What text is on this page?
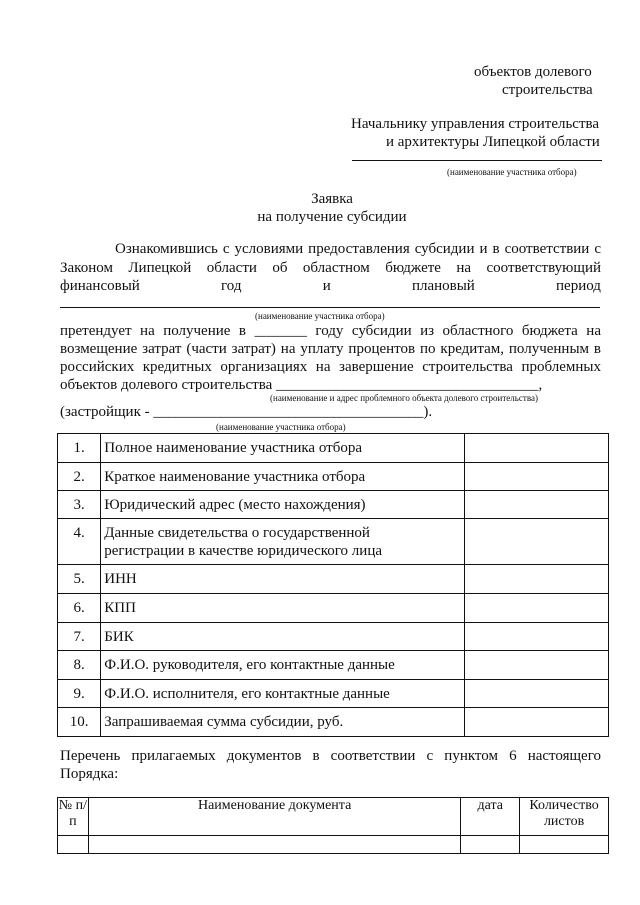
объектов долевого
строительства
Начальнику управления строительства
и архитектуры Липецкой области
(наименование участника отбора)
Заявка
на получение субсидии
Ознакомившись с условиями предоставления субсидии и в соответствии с
Законом Липецкой области об областном бюджете на соответствующий
финансовый	год	и	плановый	период
(наименование участника отбора)
претендует на получение в _______ году субсидии из областного бюджета на
возмещение затрат (части затрат) на уплату процентов по кредитам, полученным в
российских кредитных организациях на завершение строительства проблемных
объектов долевого строительства ___________________________________,
(наименование и адрес проблемного объекта долевого строительства)
(застройщик - ____________________________________).
(наименование участника отбора)
1.	Полное наименование участника отбора	
2.	Краткое наименование участника отбора	
3.	Юридический адрес (место нахождения)	
4.	Данные свидетельства о государственной регистрации в качестве юридического лица	
5.	ИНН	
6.	КПП	
7.	БИК	
8.	Ф.И.О. руководителя, его контактные данные	
9.	Ф.И.О. исполнителя, его контактные данные	
10.	Запрашиваемая сумма субсидии, руб.	
Перечень прилагаемых документов в соответствии с пунктом 6 настоящего
Порядка:
№ п/п	Наименование документа	дата	Количество листов
